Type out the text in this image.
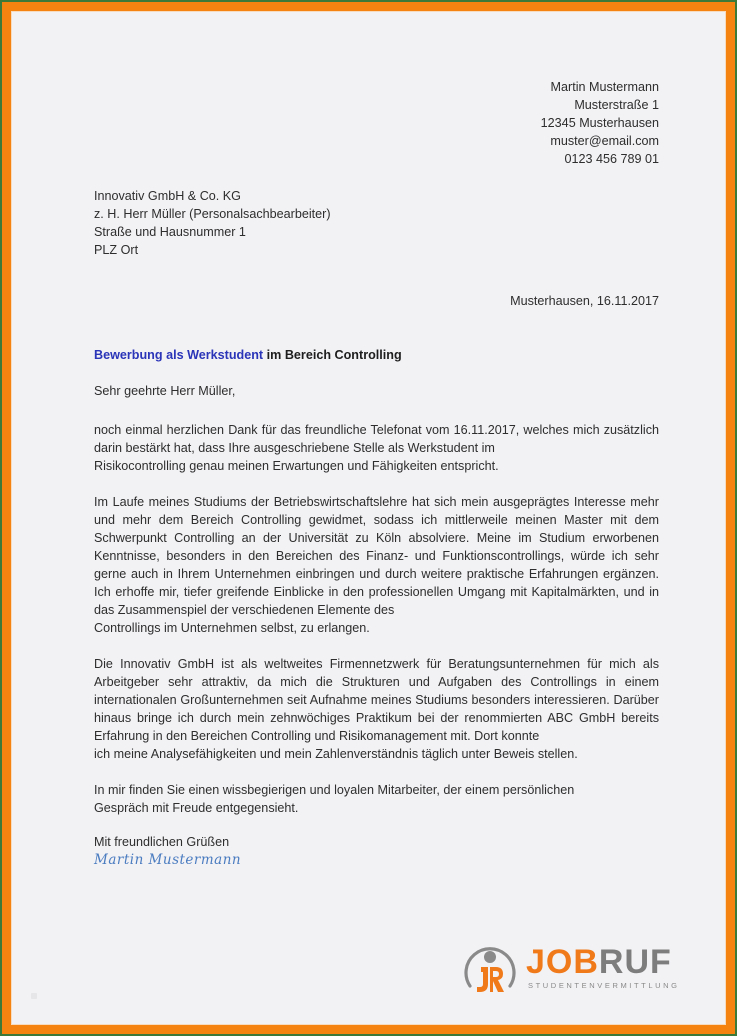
Martin Mustermann
Musterstraße 1
12345 Musterhausen
muster@email.com
0123 456 789 01
Innovativ GmbH & Co. KG
z. H. Herr Müller (Personalsachbearbeiter)
Straße und Hausnummer 1
PLZ Ort
Musterhausen, 16.11.2017
Bewerbung als Werkstudent im Bereich Controlling
Sehr geehrte Herr Müller,
noch einmal herzlichen Dank für das freundliche Telefonat vom 16.11.2017, welches mich zusätzlich darin bestärkt hat, dass Ihre ausgeschriebene Stelle als Werkstudent im
Risikocontrolling genau meinen Erwartungen und Fähigkeiten entspricht.
Im Laufe meines Studiums der Betriebswirtschaftslehre hat sich mein ausgeprägtes Interesse mehr und mehr dem Bereich Controlling gewidmet, sodass ich mittlerweile meinen Master mit dem Schwerpunkt Controlling an der Universität zu Köln absolviere. Meine im Studium erworbenen Kenntnisse, besonders in den Bereichen des Finanz- und Funktionscontrollings, würde ich sehr gerne auch in Ihrem Unternehmen einbringen und durch weitere praktische Erfahrungen ergänzen. Ich erhoffe mir, tiefer greifende Einblicke in den professionellen Umgang mit Kapitalmärkten, und in das Zusammenspiel der verschiedenen Elemente des
Controllings im Unternehmen selbst, zu erlangen.
Die Innovativ GmbH ist als weltweites Firmennetzwerk für Beratungsunternehmen für mich als Arbeitgeber sehr attraktiv, da mich die Strukturen und Aufgaben des Controllings in einem internationalen Großunternehmen seit Aufnahme meines Studiums besonders interessieren. Darüber hinaus bringe ich durch mein zehnwöchiges Praktikum bei der renommierten ABC GmbH bereits Erfahrung in den Bereichen Controlling und Risikomanagement mit. Dort konnte
ich meine Analysefähigkeiten und mein Zahlenverständnis täglich unter Beweis stellen.
In mir finden Sie einen wissbegierigen und loyalen Mitarbeiter, der einem persönlichen
Gespräch mit Freude entgegensieht.
Mit freundlichen Grüßen
Martin Mustermann
JOBRUF
STUDENTENVERMITTLUNG
